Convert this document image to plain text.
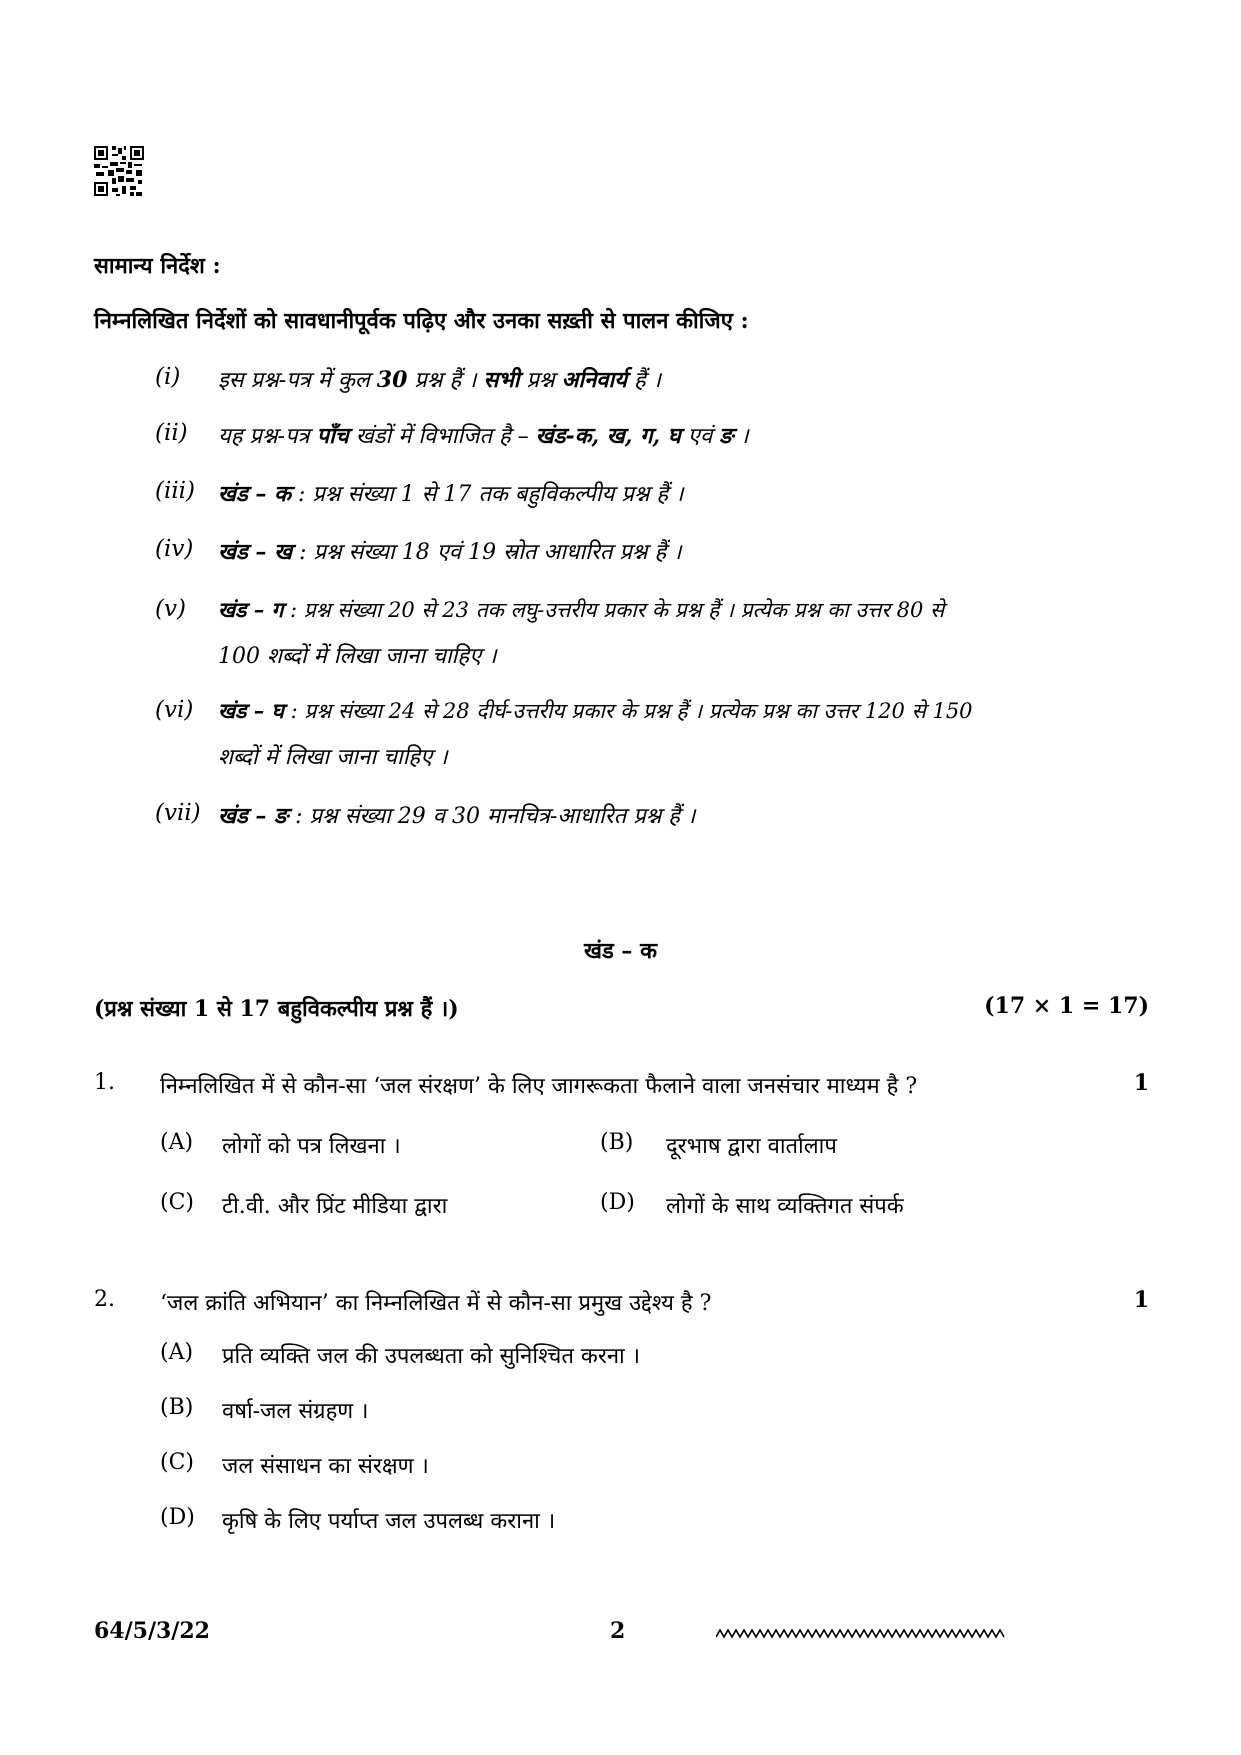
सामान्य निर्देश :
निम्नलिखित निर्देशों को सावधानीपूर्वक पढ़िए और उनका सख़्ती से पालन कीजिए :
(i) इस प्रश्न-पत्र में कुल 30 प्रश्न हैं । सभी प्रश्न अनिवार्य हैं ।
(ii) यह प्रश्न-पत्र पाँच खंडों में विभाजित है – खंड-क, ख, ग, घ एवं ङ ।
(iii) खंड – क : प्रश्न संख्या 1 से 17 तक बहुविकल्पीय प्रश्न हैं ।
(iv) खंड – ख : प्रश्न संख्या 18 एवं 19 स्रोत आधारित प्रश्न हैं ।
(v) खंड – ग : प्रश्न संख्या 20 से 23 तक लघु-उत्तरीय प्रकार के प्रश्न हैं । प्रत्येक प्रश्न का उत्तर 80 से
100 शब्दों में लिखा जाना चाहिए ।
(vi) खंड – घ : प्रश्न संख्या 24 से 28 दीर्घ-उत्तरीय प्रकार के प्रश्न हैं । प्रत्येक प्रश्न का उत्तर 120 से 150
शब्दों में लिखा जाना चाहिए ।
(vii) खंड – ङ : प्रश्न संख्या 29 व 30 मानचित्र-आधारित प्रश्न हैं ।
खंड – क
(प्रश्न संख्या 1 से 17 बहुविकल्पीय प्रश्न हैं ।)	(17 × 1 = 17)
1. निम्नलिखित में से कौन-सा ‘जल संरक्षण’ के लिए जागरूकता फैलाने वाला जनसंचार माध्यम है ?	1
(A) लोगों को पत्र लिखना ।	(B) दूरभाष द्वारा वार्तालाप
(C) टी.वी. और प्रिंट मीडिया द्वारा	(D) लोगों के साथ व्यक्तिगत संपर्क
2. ‘जल क्रांति अभियान’ का निम्नलिखित में से कौन-सा प्रमुख उद्देश्य है ?	1
(A) प्रति व्यक्ति जल की उपलब्धता को सुनिश्चित करना ।
(B) वर्षा-जल संग्रहण ।
(C) जल संसाधन का संरक्षण ।
(D) कृषि के लिए पर्याप्त जल उपलब्ध कराना ।
64/5/3/22	2
